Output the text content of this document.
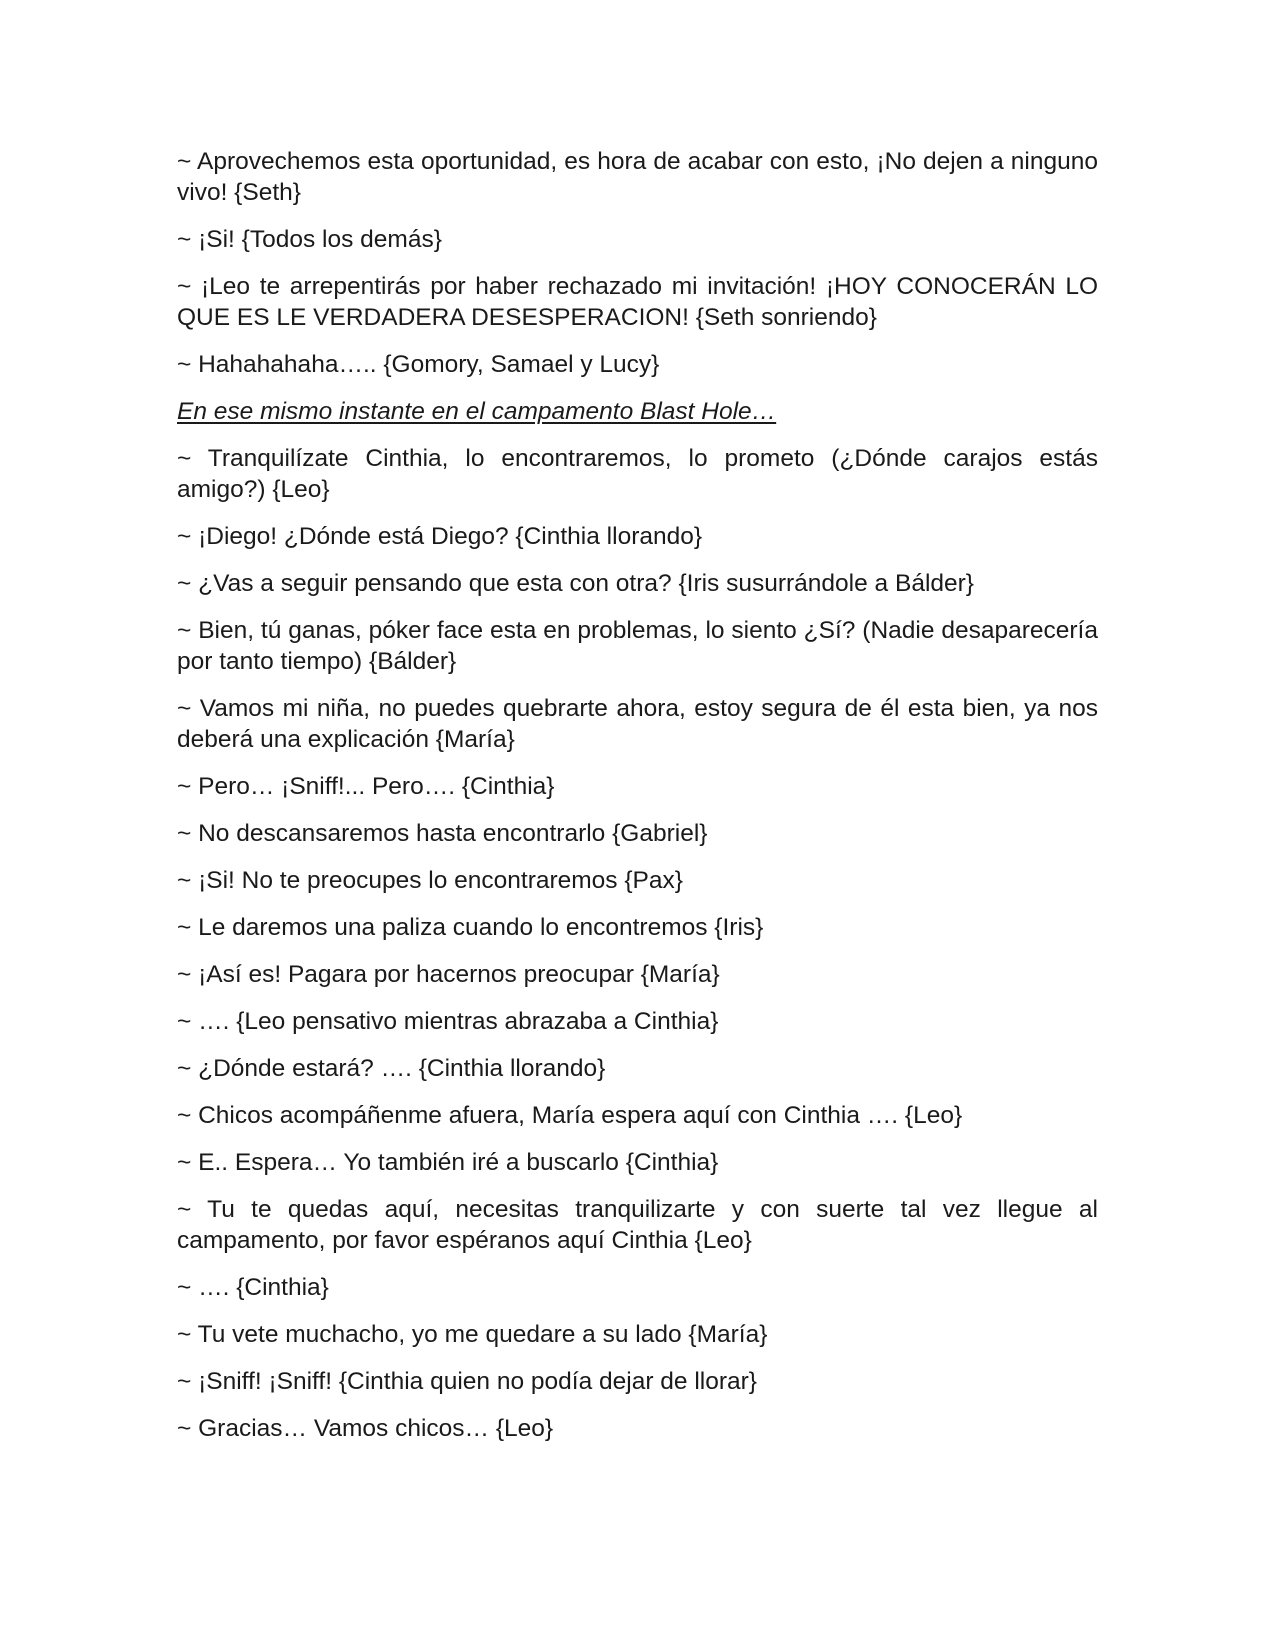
~ Aprovechemos esta oportunidad, es hora de acabar con esto, ¡No dejen a ninguno vivo! {Seth}

~ ¡Si! {Todos los demás}

~ ¡Leo te arrepentirás por haber rechazado mi invitación! ¡HOY CONOCERÁN LO QUE ES LE VERDADERA DESESPERACION! {Seth sonriendo}

~ Hahahahaha….. {Gomory, Samael y Lucy}

En ese mismo instante en el campamento Blast Hole…

~ Tranquilízate Cinthia, lo encontraremos, lo prometo (¿Dónde carajos estás amigo?) {Leo}

~ ¡Diego! ¿Dónde está Diego? {Cinthia llorando}

~ ¿Vas a seguir pensando que esta con otra? {Iris susurrándole a Bálder}

~ Bien, tú ganas, póker face esta en problemas, lo siento ¿Sí? (Nadie desaparecería por tanto tiempo) {Bálder}

~ Vamos mi niña, no puedes quebrarte ahora, estoy segura de él esta bien, ya nos deberá una explicación {María}

~ Pero… ¡Sniff!... Pero…. {Cinthia}

~ No descansaremos hasta encontrarlo {Gabriel}

~ ¡Si! No te preocupes lo encontraremos {Pax}

~ Le daremos una paliza cuando lo encontremos {Iris}

~ ¡Así es! Pagara por hacernos preocupar {María}

~ …. {Leo pensativo mientras abrazaba a Cinthia}

~ ¿Dónde estará? …. {Cinthia llorando}

~ Chicos acompáñenme afuera, María espera aquí con Cinthia …. {Leo}

~ E.. Espera… Yo también iré a buscarlo {Cinthia}

~ Tu te quedas aquí, necesitas tranquilizarte y con suerte tal vez llegue al campamento, por favor espéranos aquí Cinthia {Leo}

~ …. {Cinthia}

~ Tu vete muchacho, yo me quedare a su lado {María}

~ ¡Sniff! ¡Sniff! {Cinthia quien no podía dejar de llorar}

~ Gracias… Vamos chicos… {Leo}
